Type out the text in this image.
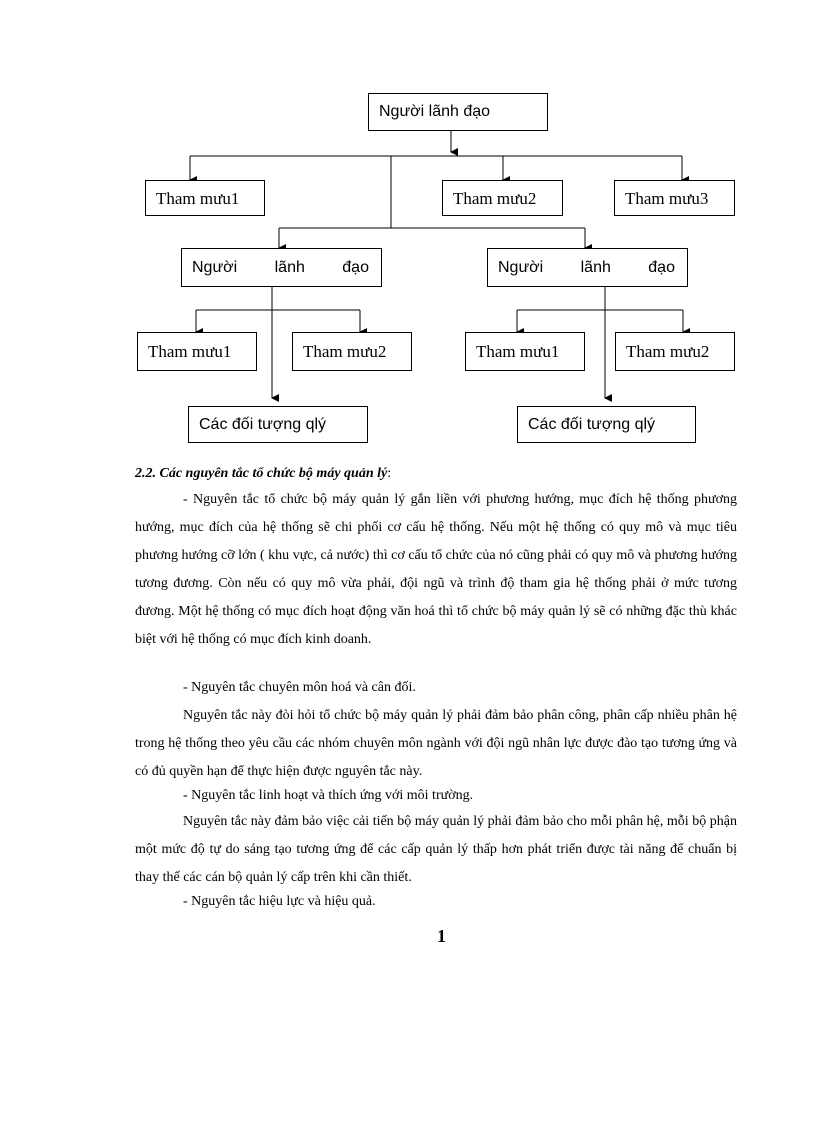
Người lãnh đạo
Tham mưu1	Tham mưu2	Tham mưu3
Người lãnh đạo	Người lãnh đạo
Tham mưu1	Tham mưu2	Tham mưu1	Tham mưu2
Các đối tượng qlý	Các đối tượng qlý
2.2. Các nguyên tắc tổ chức bộ máy quản lý:

- Nguyên tắc tổ chức bộ máy quản lý gắn liền với phương hướng, mục đích hệ thống phương hướng, mục đích của hệ thống sẽ chi phối cơ cấu hệ thống. Nếu một hệ thống có quy mô và mục tiêu phương hướng cỡ lớn ( khu vực, cả nước) thì cơ cấu tổ chức của nó cũng phải có quy mô và phương hướng tương đương. Còn nếu có quy mô vừa phải, đội ngũ và trình độ tham gia hệ thống phải ở mức tương đương. Một hệ thống có mục đích hoạt động văn hoá thì tổ chức bộ máy quản lý sẽ có những đặc thù khác biệt với hệ thống có mục đích kinh doanh.

- Nguyên tắc chuyên môn hoá và cân đối.

Nguyên tắc này đòi hỏi tổ chức bộ máy quản lý phải đảm bảo phân công, phân cấp nhiều phân hệ trong hệ thống theo yêu cầu các nhóm chuyên môn ngành với đội ngũ nhân lực được đào tạo tương ứng và có đủ quyền hạn để thực hiện được nguyên tắc này.

- Nguyên tắc linh hoạt và thích ứng với môi trường.

Nguyên tắc này đảm bảo việc cải tiến bộ máy quản lý phải đảm bảo cho mỗi phân hệ, mỗi bộ phận một mức độ tự do sáng tạo tương ứng để các cấp quản lý thấp hơn phát triển được tài năng để chuẩn bị thay thế các cán bộ quản lý cấp trên khi cần thiết.

- Nguyên tắc hiệu lực và hiệu quả.

1
